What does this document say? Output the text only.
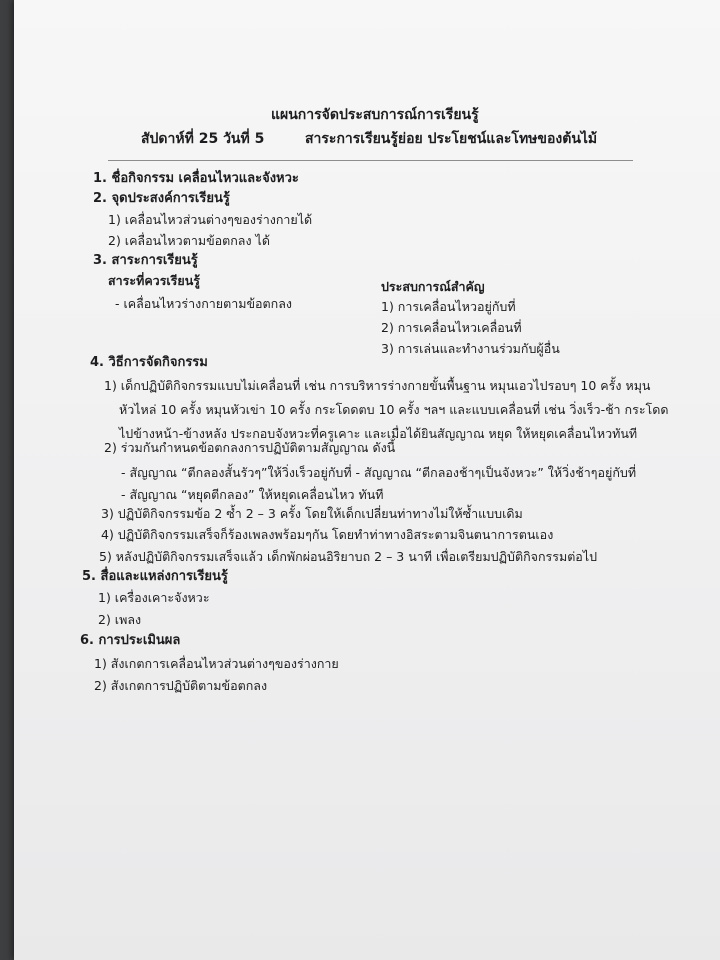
แผนการจัดประสบการณ์การเรียนรู้
สัปดาห์ที่ 25 วันที่ 5	สาระการเรียนรู้ย่อย ประโยชน์และโทษของต้นไม้
1. ชื่อกิจกรรม เคลื่อนไหวและจังหวะ
2. จุดประสงค์การเรียนรู้
1) เคลื่อนไหวส่วนต่างๆของร่างกายได้
2) เคลื่อนไหวตามข้อตกลง ได้
3. สาระการเรียนรู้
สาระที่ควรเรียนรู้
- เคลื่อนไหวร่างกายตามข้อตกลง
ประสบการณ์สำคัญ
1) การเคลื่อนไหวอยู่กับที่
2) การเคลื่อนไหวเคลื่อนที่
3) การเล่นและทำงานร่วมกับผู้อื่น
4. วิธีการจัดกิจกรรม
1) เด็กปฏิบัติกิจกรรมแบบไม่เคลื่อนที่ เช่น การบริหารร่างกายขั้นพื้นฐาน หมุนเอวไปรอบๆ 10 ครั้ง หมุน
หัวไหล่ 10 ครั้ง หมุนหัวเข่า 10 ครั้ง กระโดดตบ 10 ครั้ง ฯลฯ และแบบเคลื่อนที่ เช่น วิ่งเร็ว-ช้า กระโดด
ไปข้างหน้า-ข้างหลัง ประกอบจังหวะที่ครูเคาะ และเมื่อได้ยินสัญญาณ หยุด ให้หยุดเคลื่อนไหวทันที
2) ร่วมกันกำหนดข้อตกลงการปฏิบัติตามสัญญาณ ดังนี้
- สัญญาณ “ตีกลองสั้นรัวๆ”ให้วิ่งเร็วอยู่กับที่ - สัญญาณ “ตีกลองช้าๆเป็นจังหวะ” ให้วิ่งช้าๆอยู่กับที่
- สัญญาณ “หยุดตีกลอง” ให้หยุดเคลื่อนไหว ทันที
3) ปฏิบัติกิจกรรมข้อ 2 ซ้ำ 2 – 3 ครั้ง โดยให้เด็กเปลี่ยนท่าทางไม่ให้ซ้ำแบบเดิม
4) ปฏิบัติกิจกรรมเสร็จก็ร้องเพลงพร้อมๆกัน โดยทำท่าทางอิสระตามจินตนาการตนเอง
5) หลังปฏิบัติกิจกรรมเสร็จแล้ว เด็กพักผ่อนอิริยาบถ 2 – 3 นาที เพื่อเตรียมปฏิบัติกิจกรรมต่อไป
5. สื่อและแหล่งการเรียนรู้
1) เครื่องเคาะจังหวะ
2) เพลง
6. การประเมินผล
1) สังเกตการเคลื่อนไหวส่วนต่างๆของร่างกาย
2) สังเกตการปฏิบัติตามข้อตกลง
